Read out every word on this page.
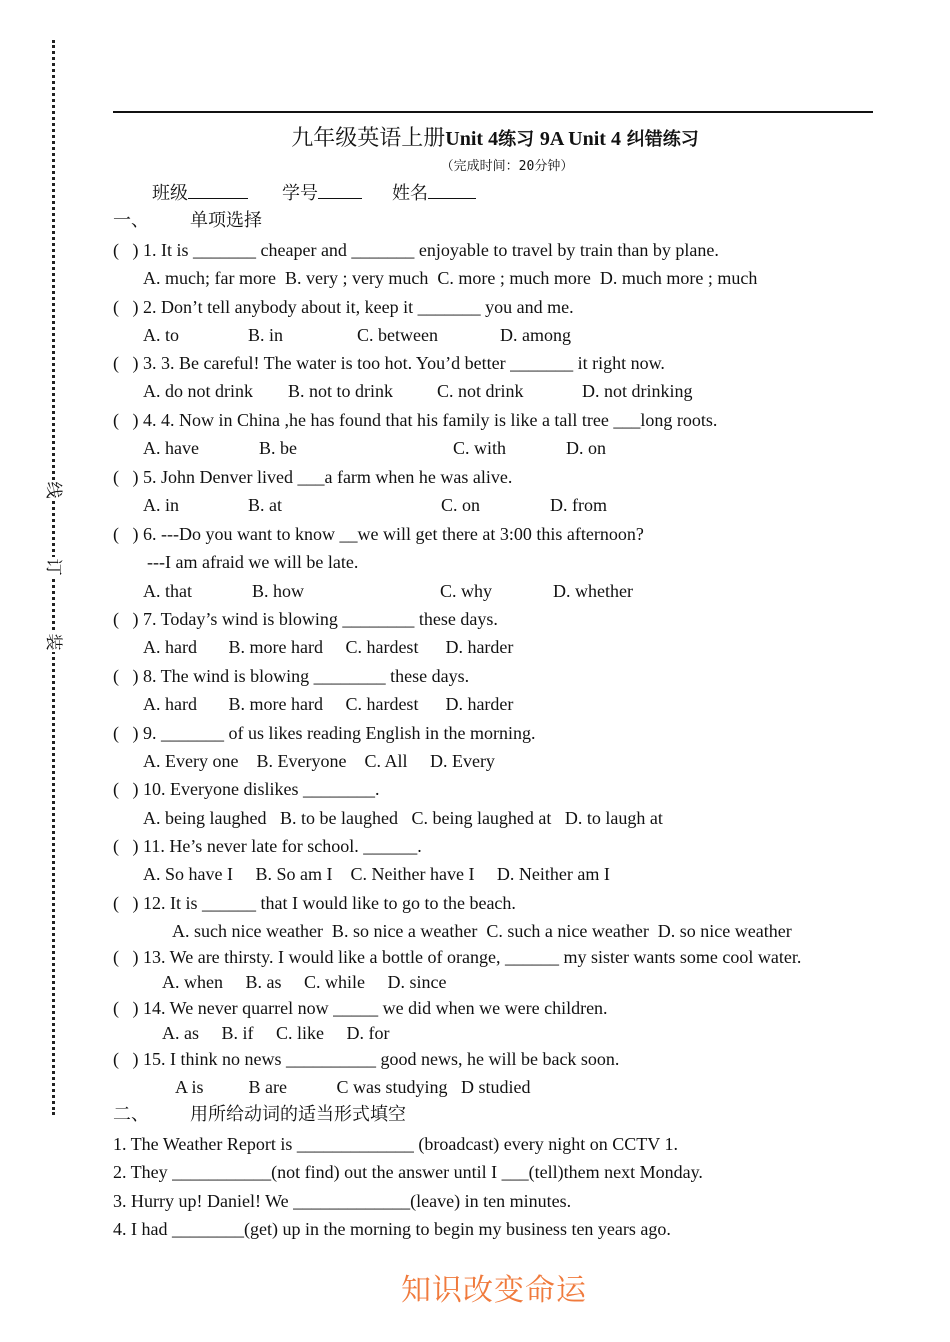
线
订
装
九年级英语上册Unit 4练习 9A Unit 4 纠错练习
（完成时间：20分钟）
班级	学号	姓名
一、 单项选择
(   ) 1. It is _______ cheaper and _______ enjoyable to travel by train than by plane.
A. much; far more  B. very ; very much  C. more ; much more  D. much more ; much
(   ) 2. Don’t tell anybody about it, keep it _______ you and me.
A. to	B. in	C. between	D. among
(   ) 3. 3. Be careful! The water is too hot. You’d better _______ it right now.
A. do not drink B. not to drink C. not drink	D. not drinking
(   ) 4. 4. Now in China ,he has found that his family is like a tall tree ___long roots.
A. have	B. be	C. with	D. on
(   ) 5. John Denver lived ___a farm when he was alive.
A. in	B. at	C. on	D. from
(   ) 6. ---Do you want to know __we will get there at 3:00 this afternoon?
---I am afraid we will be late.
A. that	B. how	C. why	D. whether
(   ) 7. Today’s wind is blowing ________ these days.
A. hard       B. more hard     C. hardest      D. harder
(   ) 8. The wind is blowing ________ these days.
A. hard       B. more hard     C. hardest      D. harder
(   ) 9. _______ of us likes reading English in the morning.
A. Every one    B. Everyone    C. All     D. Every
(   ) 10. Everyone dislikes ________.
A. being laughed   B. to be laughed   C. being laughed at   D. to laugh at
(   ) 11. He’s never late for school. ______.
A. So have I     B. So am I    C. Neither have I     D. Neither am I
(   ) 12. It is ______ that I would like to go to the beach.
A. such nice weather  B. so nice a weather  C. such a nice weather  D. so nice weather
(   ) 13. We are thirsty. I would like a bottle of orange, ______ my sister wants some cool water.
A. when     B. as     C. while     D. since
(   ) 14. We never quarrel now _____ we did when we were children.
A. as     B. if     C. like     D. for
(   ) 15. I think no news __________ good news, he will be back soon.
A is          B are           C was studying   D studied
二、 用所给动词的适当形式填空
1. The Weather Report is _____________ (broadcast) every night on CCTV 1.
2. They ___________(not find) out the answer until I ___(tell)them next Monday.
3. Hurry up! Daniel! We _____________(leave) in ten minutes.
4. I had ________(get) up in the morning to begin my business ten years ago.
知识改变命运
